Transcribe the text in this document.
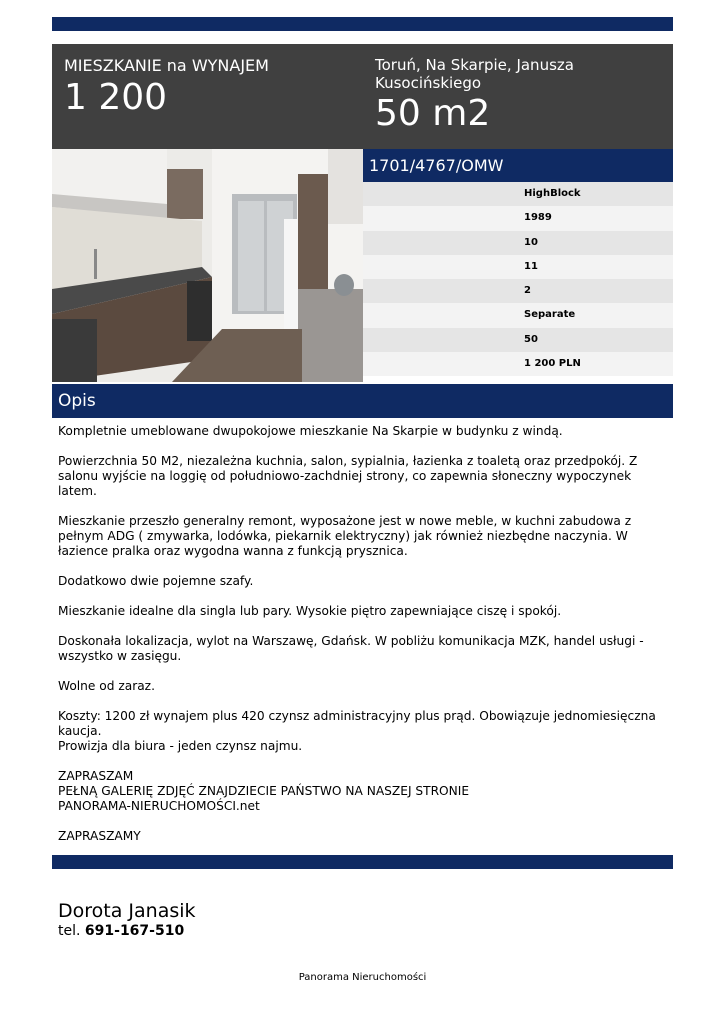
MIESZKANIE na WYNAJEM
1 200
Toruń, Na Skarpie, Janusza Kusocińskiego
50 m2
1701/4767/OMW
HighBlock
1989
10
11
2
Separate
50
1 200 PLN
Opis

Kompletnie umeblowane dwupokojowe mieszkanie Na Skarpie w budynku z windą.

Powierzchnia 50 M2, niezależna kuchnia, salon, sypialnia, łazienka z toaletą oraz przedpokój. Z salonu wyjście na loggię od południowo-zachdniej strony, co zapewnia słoneczny wypoczynek latem.

Mieszkanie przeszło generalny remont, wyposażone jest w nowe meble, w kuchni zabudowa z pełnym ADG ( zmywarka, lodówka, piekarnik elektryczny) jak również niezbędne naczynia. W łazience pralka oraz wygodna wanna z funkcją prysznica.

Dodatkowo dwie pojemne szafy.

Mieszkanie idealne dla singla lub pary. Wysokie piętro zapewniające ciszę i spokój.

Doskonała lokalizacja, wylot na Warszawę, Gdańsk. W pobliżu komunikacja MZK, handel usługi - wszystko w zasięgu.

Wolne od zaraz.

Koszty: 1200 zł wynajem plus 420 czynsz administracyjny plus prąd. Obowiązuje jednomiesięczna kaucja.
Prowizja dla biura - jeden czynsz najmu.

ZAPRASZAM
PEŁNĄ GALERIĘ ZDJĘĆ ZNAJDZIECIE PAŃSTWO NA NASZEJ STRONIE
PANORAMA-NIERUCHOMOŚCI.net

ZAPRASZAMY

Dorota Janasik
tel. 691-167-510
Panorama Nieruchomości
